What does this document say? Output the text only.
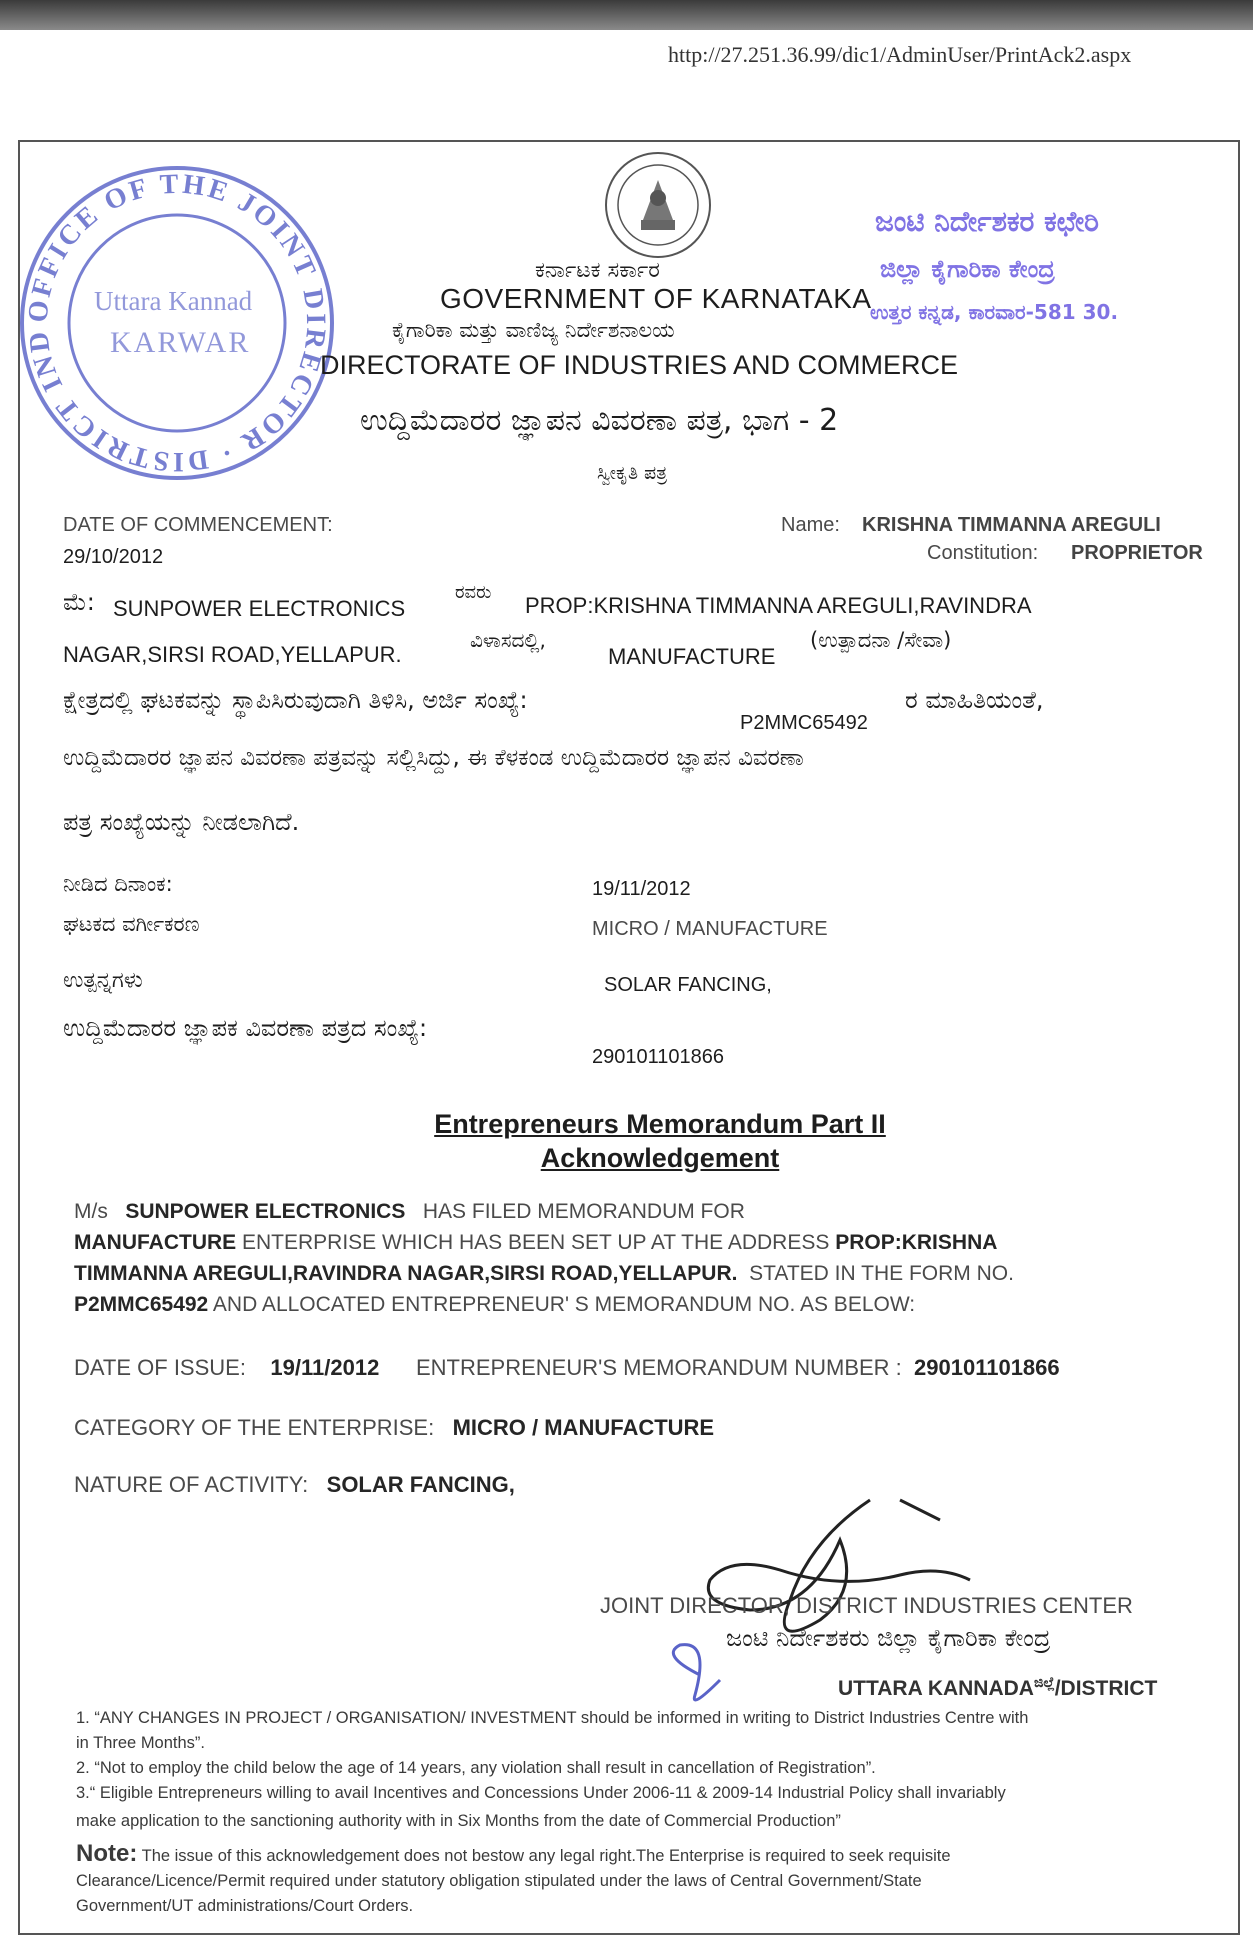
http://27.251.36.99/dic1/AdminUser/PrintAck2.aspx
OFFICE OF THE JOINT DIRECTOR · DISTRICT IND
Uttara Kannad
KARWAR
ಜಂಟಿ ನಿರ್ದೇಶಕರ ಕಛೇರಿ
ಜಿಲ್ಲಾ ಕೈಗಾರಿಕಾ ಕೇಂದ್ರ
ಉತ್ತರ ಕನ್ನಡ, ಕಾರವಾರ-581 30.
ಕರ್ನಾಟಕ ಸರ್ಕಾರ
GOVERNMENT OF KARNATAKA
ಕೈಗಾರಿಕಾ ಮತ್ತು ವಾಣಿಜ್ಯ ನಿರ್ದೇಶನಾಲಯ
DIRECTORATE OF INDUSTRIES AND COMMERCE
ಉದ್ದಿಮೆದಾರರ ಜ್ಞಾಪನ ವಿವರಣಾ ಪತ್ರ, ಭಾಗ - 2
ಸ್ವೀಕೃತಿ ಪತ್ರ
DATE OF COMMENCEMENT:
29/10/2012
Name: KRISHNA TIMMANNA AREGULI
Constitution: PROPRIETOR
ಮೆ: SUNPOWER ELECTRONICS
ರವರು
PROP:KRISHNA TIMMANNA AREGULI,RAVINDRA
NAGAR,SIRSI ROAD,YELLAPUR.
ವಿಳಾಸದಲ್ಲಿ,
MANUFACTURE
(ಉತ್ಪಾದನಾ /ಸೇವಾ)
ಕ್ಷೇತ್ರದಲ್ಲಿ ಘಟಕವನ್ನು ಸ್ಥಾಪಿಸಿರುವುದಾಗಿ ತಿಳಿಸಿ, ಅರ್ಜಿ ಸಂಖ್ಯೆ:
P2MMC65492
ರ ಮಾಹಿತಿಯಂತೆ,
ಉದ್ದಿಮೆದಾರರ ಜ್ಞಾಪನ ವಿವರಣಾ ಪತ್ರವನ್ನು ಸಲ್ಲಿಸಿದ್ದು, ಈ ಕೆಳಕಂಡ ಉದ್ದಿಮೆದಾರರ ಜ್ಞಾಪನ ವಿವರಣಾ
ಪತ್ರ ಸಂಖ್ಯೆಯನ್ನು ನೀಡಲಾಗಿದೆ.
ನೀಡಿದ ದಿನಾಂಕ:	19/11/2012
ಘಟಕದ ವರ್ಗೀಕರಣ	MICRO / MANUFACTURE
ಉತ್ಪನ್ನಗಳು	SOLAR FANCING,
ಉದ್ದಿಮೆದಾರರ ಜ್ಞಾಪಕ ವಿವರಣಾ ಪತ್ರದ ಸಂಖ್ಯೆ:
290101101866
Entrepreneurs Memorandum Part II
Acknowledgement
M/s SUNPOWER ELECTRONICS HAS FILED MEMORANDUM FOR
MANUFACTURE ENTERPRISE WHICH HAS BEEN SET UP AT THE ADDRESS PROP:KRISHNA
TIMMANNA AREGULI,RAVINDRA NAGAR,SIRSI ROAD,YELLAPUR. STATED IN THE FORM NO.
P2MMC65492 AND ALLOCATED ENTREPRENEUR' S MEMORANDUM NO. AS BELOW:
DATE OF ISSUE: 19/11/2012 ENTREPRENEUR'S MEMORANDUM NUMBER : 290101101866
CATEGORY OF THE ENTERPRISE: MICRO / MANUFACTURE
NATURE OF ACTIVITY: SOLAR FANCING,
JOINT DIRECTOR, DISTRICT INDUSTRIES CENTER
ಜಂಟಿ ನಿರ್ದೇಶಕರು ಜಿಲ್ಲಾ ಕೈಗಾರಿಕಾ ಕೇಂದ್ರ
UTTARA $KANNADA^{ಜಿಲ್ಲೆ}$/DISTRICT
1. “ANY CHANGES IN PROJECT / ORGANISATION/ INVESTMENT should be informed in writing to District Industries Centre with
in Three Months”.
2. “Not to employ the child below the age of 14 years, any violation shall result in cancellation of Registration”.
3.“ Eligible Entrepreneurs willing to avail Incentives and Concessions Under 2006-11 & 2009-14 Industrial Policy shall invariably
make application to the sanctioning authority with in Six Months from the date of Commercial Production”
Note: The issue of this acknowledgement does not bestow any legal right.The Enterprise is required to seek requisite
Clearance/Licence/Permit required under statutory obligation stipulated under the laws of Central Government/State
Government/UT administrations/Court Orders.
